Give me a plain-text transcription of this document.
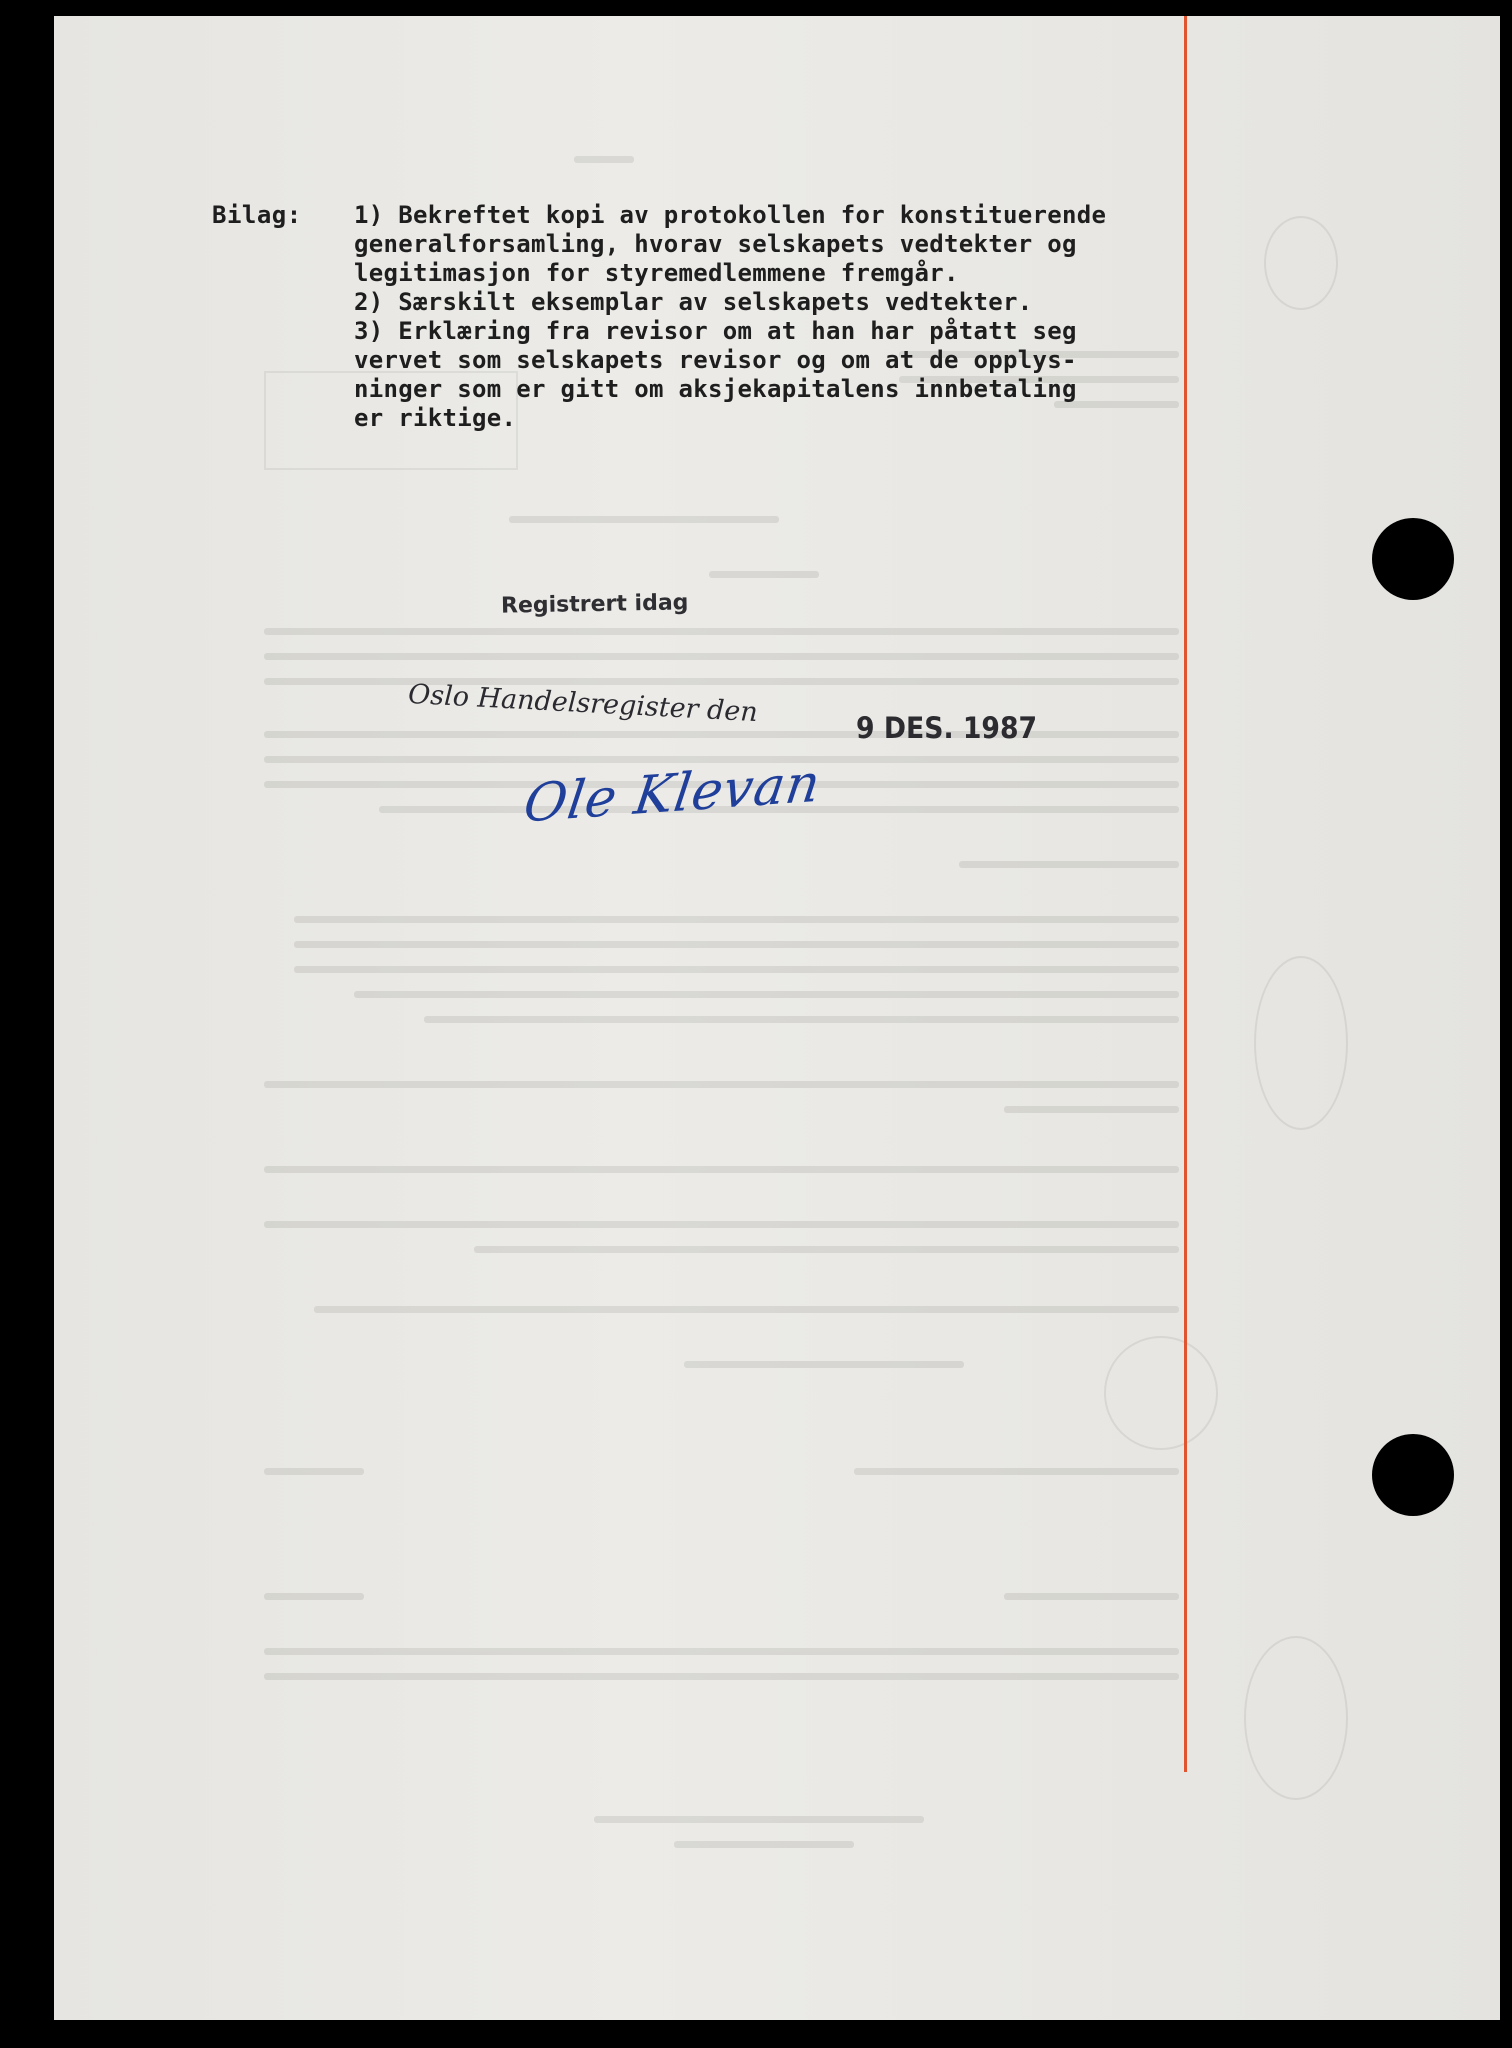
Bilag: 1) Bekreftet kopi av protokollen for konstituerende
generalforsamling, hvorav selskapets vedtekter og
legitimasjon for styremedlemmene fremgår.
2) Særskilt eksemplar av selskapets vedtekter.
3) Erklæring fra revisor om at han har påtatt seg
vervet som selskapets revisor og om at de opplys-
ninger som er gitt om aksjekapitalens innbetaling
er riktige.
Registrert idag
Oslo Handelsregister den	9 DES. 1987
Ole Klevan
